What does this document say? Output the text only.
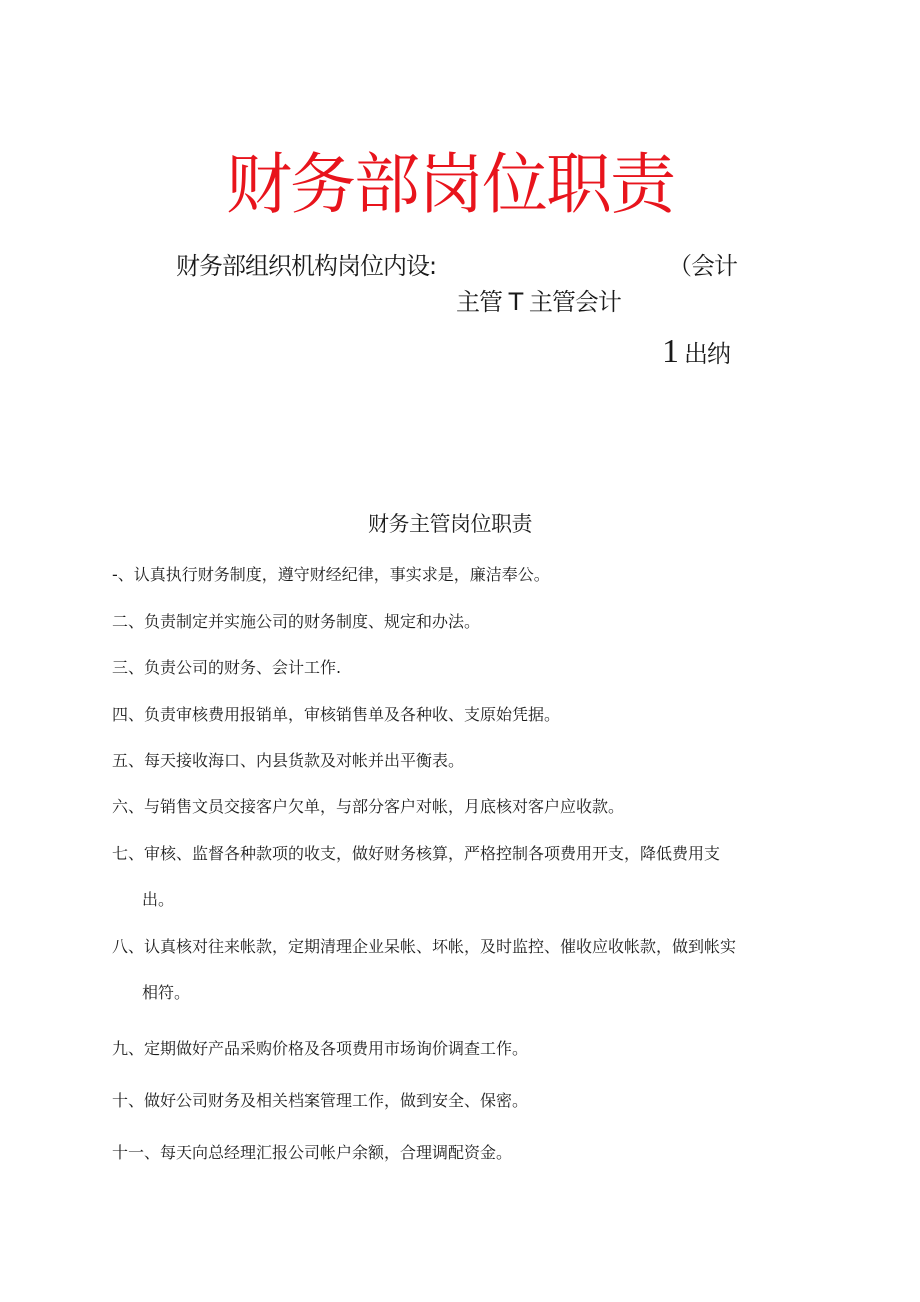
财务部岗位职责
财务部组织机构岗位内设:	（会计
主管 T 主管会计
1 出纳
财务主管岗位职责
-、认真执行财务制度，遵守财经纪律，事实求是，廉洁奉公。
二、负责制定并实施公司的财务制度、规定和办法。
三、负责公司的财务、会计工作.
四、负责审核费用报销单，审核销售单及各种收、支原始凭据。
五、每天接收海口、内县货款及对帐并出平衡表。
六、与销售文员交接客户欠单，与部分客户对帐，月底核对客户应收款。
七、审核、监督各种款项的收支，做好财务核算，严格控制各项费用开支，降低费用支
出。
八、认真核对往来帐款，定期清理企业呆帐、坏帐，及时监控、催收应收帐款，做到帐实
相符。
九、定期做好产品采购价格及各项费用市场询价调查工作。
十、做好公司财务及相关档案管理工作，做到安全、保密。
十一、每天向总经理汇报公司帐户余额，合理调配资金。
